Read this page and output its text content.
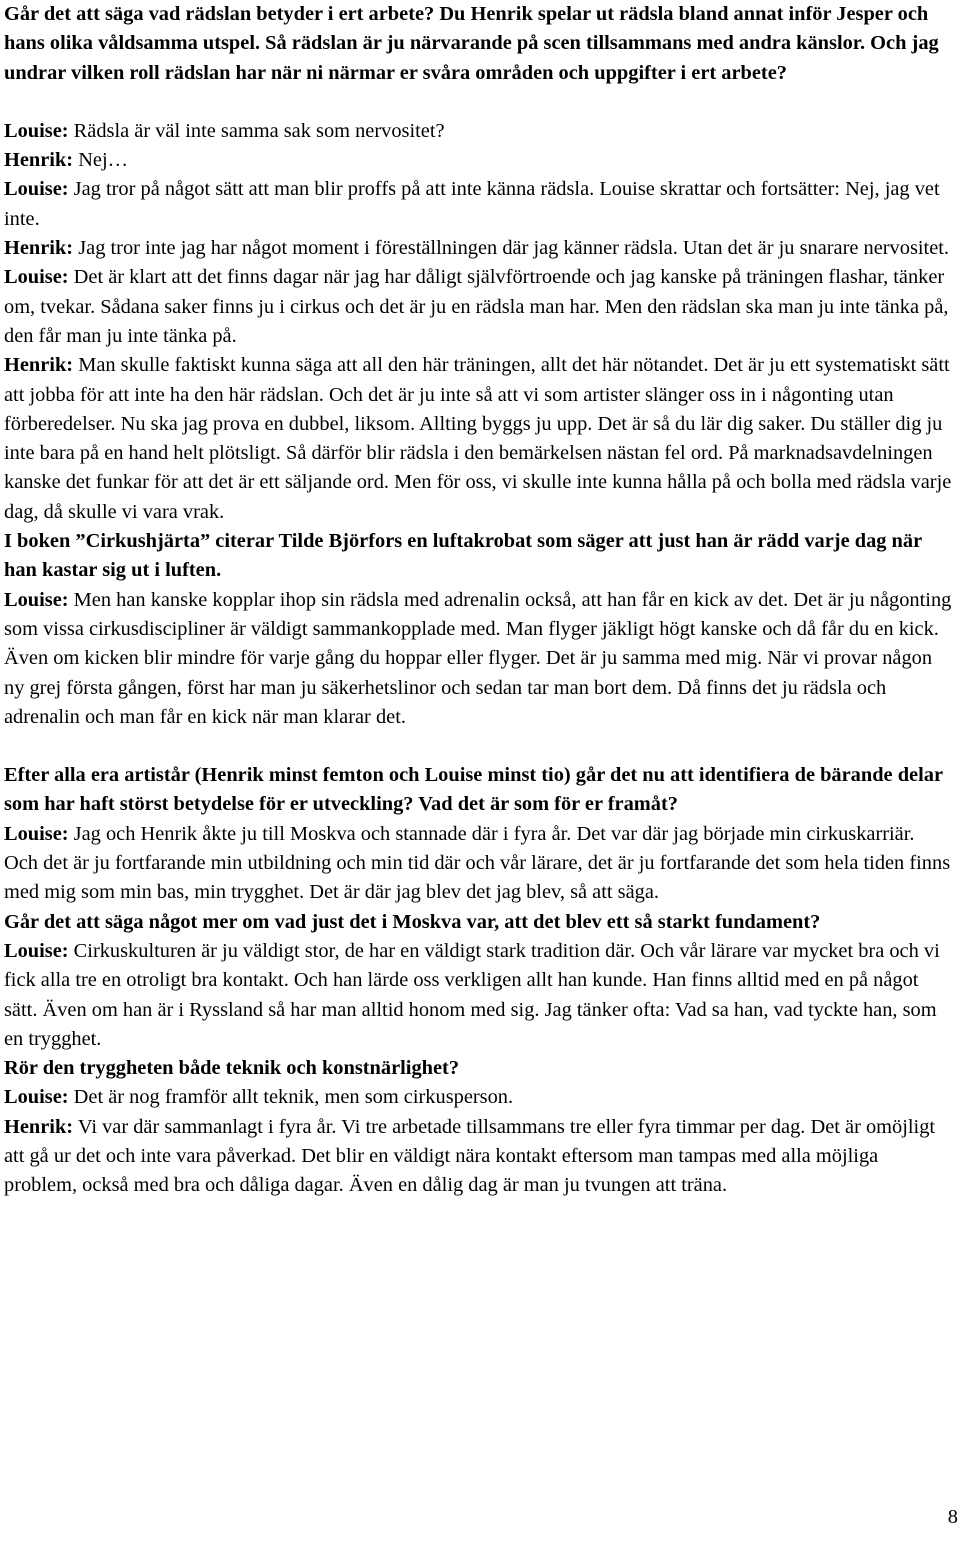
Går det att säga vad rädslan betyder i ert arbete? Du Henrik spelar ut rädsla bland annat inför Jesper och hans olika våldsamma utspel. Så rädslan är ju närvarande på scen tillsammans med andra känslor. Och jag undrar vilken roll rädslan har när ni närmar er svåra områden och uppgifter i ert arbete?

Louise: Rädsla är väl inte samma sak som nervositet?

Henrik: Nej…

Louise: Jag tror på något sätt att man blir proffs på att inte känna rädsla. Louise skrattar och fortsätter: Nej, jag vet inte.

Henrik: Jag tror inte jag har något moment i föreställningen där jag känner rädsla. Utan det är ju snarare nervositet.

Louise: Det är klart att det finns dagar när jag har dåligt självförtroende och jag kanske på träningen flashar, tänker om, tvekar. Sådana saker finns ju i cirkus och det är ju en rädsla man har. Men den rädslan ska man ju inte tänka på, den får man ju inte tänka på.

Henrik: Man skulle faktiskt kunna säga att all den här träningen, allt det här nötandet. Det är ju ett systematiskt sätt att jobba för att inte ha den här rädslan. Och det är ju inte så att vi som artister slänger oss in i någonting utan förberedelser. Nu ska jag prova en dubbel, liksom. Allting byggs ju upp. Det är så du lär dig saker. Du ställer dig ju inte bara på en hand helt plötsligt. Så därför blir rädsla i den bemärkelsen nästan fel ord. På marknadsavdelningen kanske det funkar för att det är ett säljande ord. Men för oss, vi skulle inte kunna hålla på och bolla med rädsla varje dag, då skulle vi vara vrak.

I boken ”Cirkushjärta” citerar Tilde Björfors en luftakrobat som säger att just han är rädd varje dag när han kastar sig ut i luften.

Louise: Men han kanske kopplar ihop sin rädsla med adrenalin också, att han får en kick av det. Det är ju någonting som vissa cirkusdiscipliner är väldigt sammankopplade med. Man flyger jäkligt högt kanske och då får du en kick. Även om kicken blir mindre för varje gång du hoppar eller flyger. Det är ju samma med mig. När vi provar någon ny grej första gången, först har man ju säkerhetslinor och sedan tar man bort dem. Då finns det ju rädsla och adrenalin och man får en kick när man klarar det.

Efter alla era artistår (Henrik minst femton och Louise minst tio) går det nu att identifiera de bärande delar som har haft störst betydelse för er utveckling? Vad det är som för er framåt?

Louise: Jag och Henrik åkte ju till Moskva och stannade där i fyra år. Det var där jag började min cirkuskarriär. Och det är ju fortfarande min utbildning och min tid där och vår lärare, det är ju fortfarande det som hela tiden finns med mig som min bas, min trygghet. Det är där jag blev det jag blev, så att säga.

Går det att säga något mer om vad just det i Moskva var, att det blev ett så starkt fundament?

Louise: Cirkuskulturen är ju väldigt stor, de har en väldigt stark tradition där. Och vår lärare var mycket bra och vi fick alla tre en otroligt bra kontakt. Och han lärde oss verkligen allt han kunde. Han finns alltid med en på något sätt. Även om han är i Ryssland så har man alltid honom med sig. Jag tänker ofta: Vad sa han, vad tyckte han, som en trygghet.

Rör den tryggheten både teknik och konstnärlighet?

Louise: Det är nog framför allt teknik, men som cirkusperson.

Henrik: Vi var där sammanlagt i fyra år. Vi tre arbetade tillsammans tre eller fyra timmar per dag. Det är omöjligt att gå ur det och inte vara påverkad. Det blir en väldigt nära kontakt eftersom man tampas med alla möjliga problem, också med bra och dåliga dagar. Även en dålig dag är man ju tvungen att träna.

8
